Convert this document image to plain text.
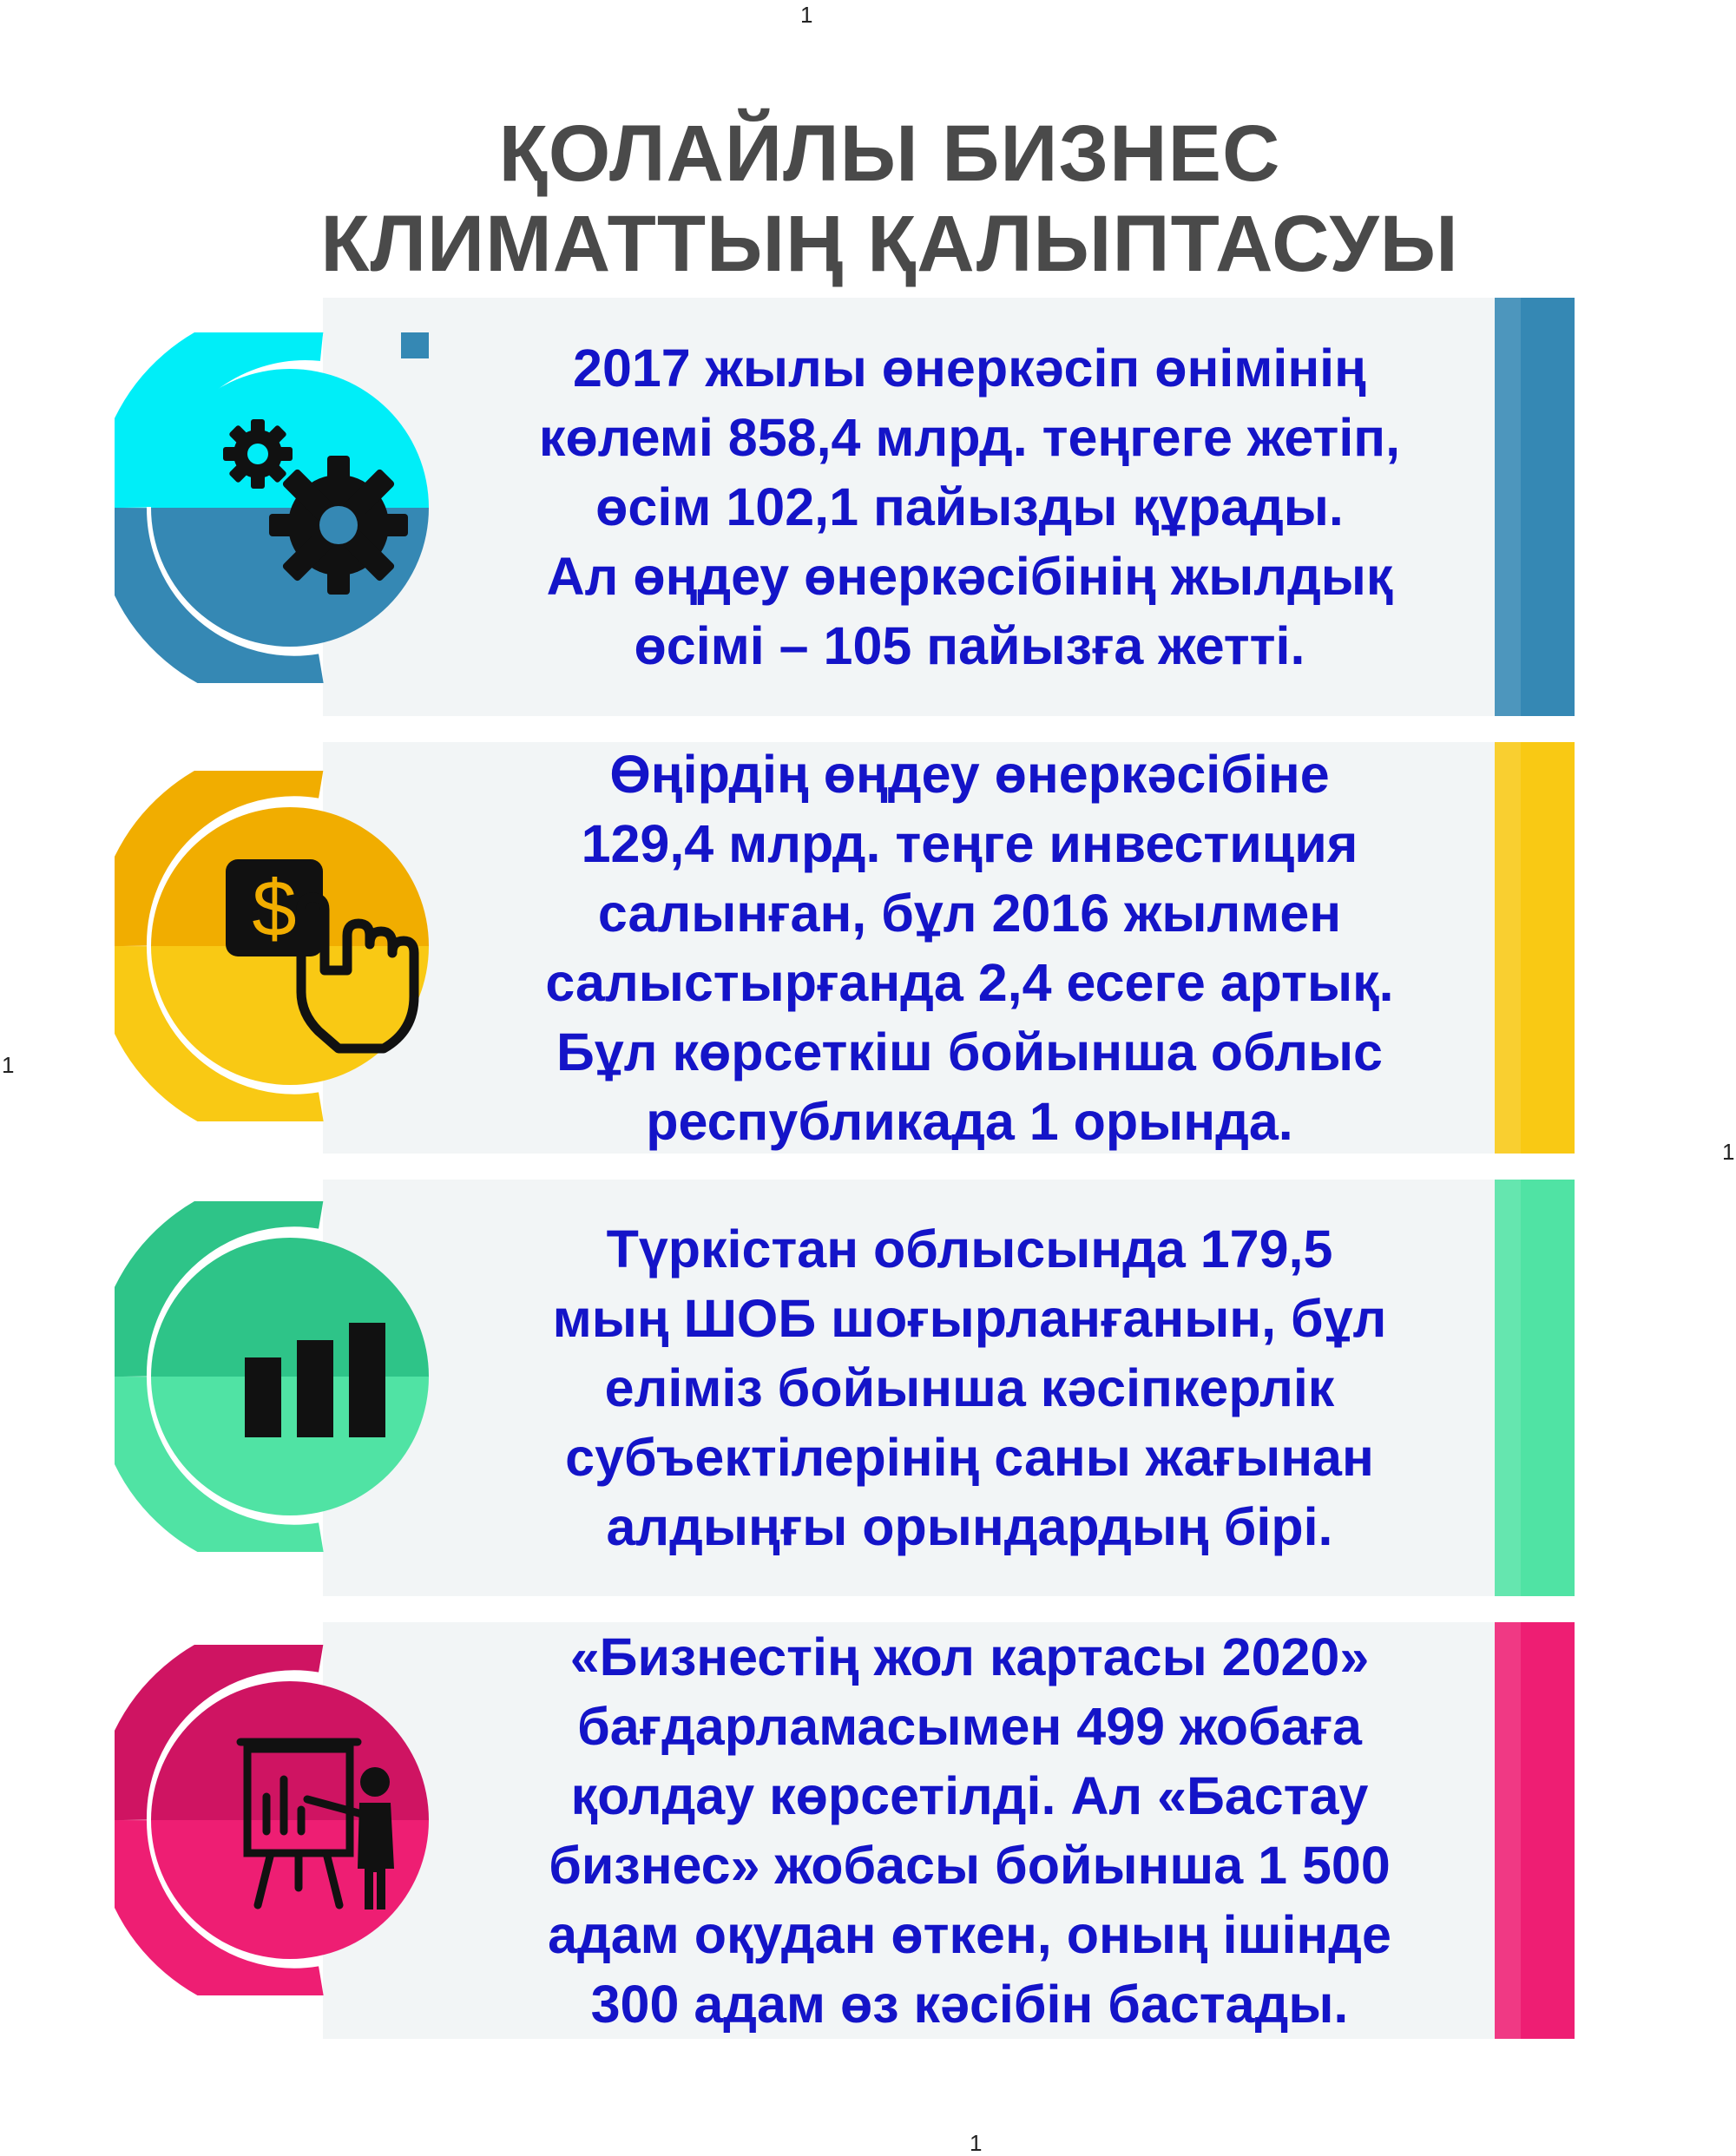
1
1
1
1
ҚОЛАЙЛЫ БИЗНЕС
КЛИМАТТЫҢ ҚАЛЫПТАСУЫ
2017 жылы өнеркәсіп өнімінің
көлемі 858,4 млрд. теңгеге жетіп,
өсім 102,1 пайызды құрады.
Ал өңдеу өнеркәсібінің жылдық
өсімі – 105 пайызға жетті.
Өңірдің өңдеу өнеркәсібіне
129,4 млрд. теңге инвестиция
салынған, бұл 2016 жылмен
салыстырғанда 2,4 есеге артық.
Бұл көрсеткіш бойынша облыс
республикада 1 орында.
$
Түркістан облысында 179,5
мың ШОБ шоғырланғанын, бұл
еліміз бойынша кәсіпкерлік
субъектілерінің саны жағынан
алдыңғы орындардың бірі.
«Бизнестің жол картасы 2020»
бағдарламасымен 499 жобаға
қолдау көрсетілді. Ал «Бастау
бизнес» жобасы бойынша 1 500
адам оқудан өткен, оның ішінде
300 адам өз кәсібін бастады.
